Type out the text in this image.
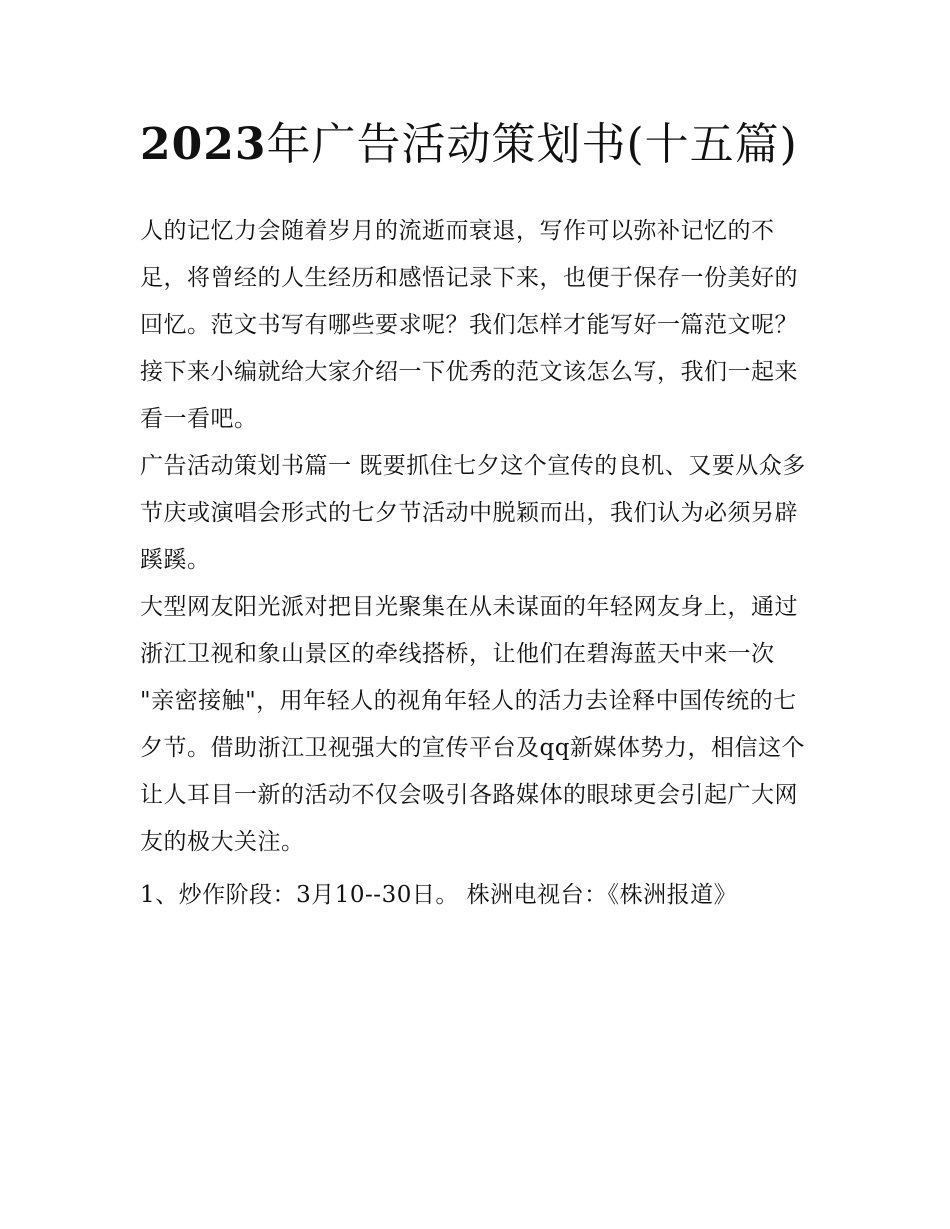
2023年广告活动策划书(十五篇)

人的记忆力会随着岁月的流逝而衰退，写作可以弥补记忆的不足，将曾经的人生经历和感悟记录下来，也便于保存一份美好的回忆。范文书写有哪些要求呢？我们怎样才能写好一篇范文呢？接下来小编就给大家介绍一下优秀的范文该怎么写，我们一起来看一看吧。

广告活动策划书篇一 既要抓住七夕这个宣传的良机、又要从众多节庆或演唱会形式的七夕节活动中脱颖而出，我们认为必须另辟蹊蹊。

大型网友阳光派对把目光聚集在从未谋面的年轻网友身上，通过浙江卫视和象山景区的牵线搭桥，让他们在碧海蓝天中来一次

"亲密接触"，用年轻人的视角年轻人的活力去诠释中国传统的七夕节。借助浙江卫视强大的宣传平台及qq新媒体势力，相信这个让人耳目一新的活动不仅会吸引各路媒体的眼球更会引起广大网友的极大关注。

1、炒作阶段：3月10--30日。 株洲电视台：《株洲报道》
